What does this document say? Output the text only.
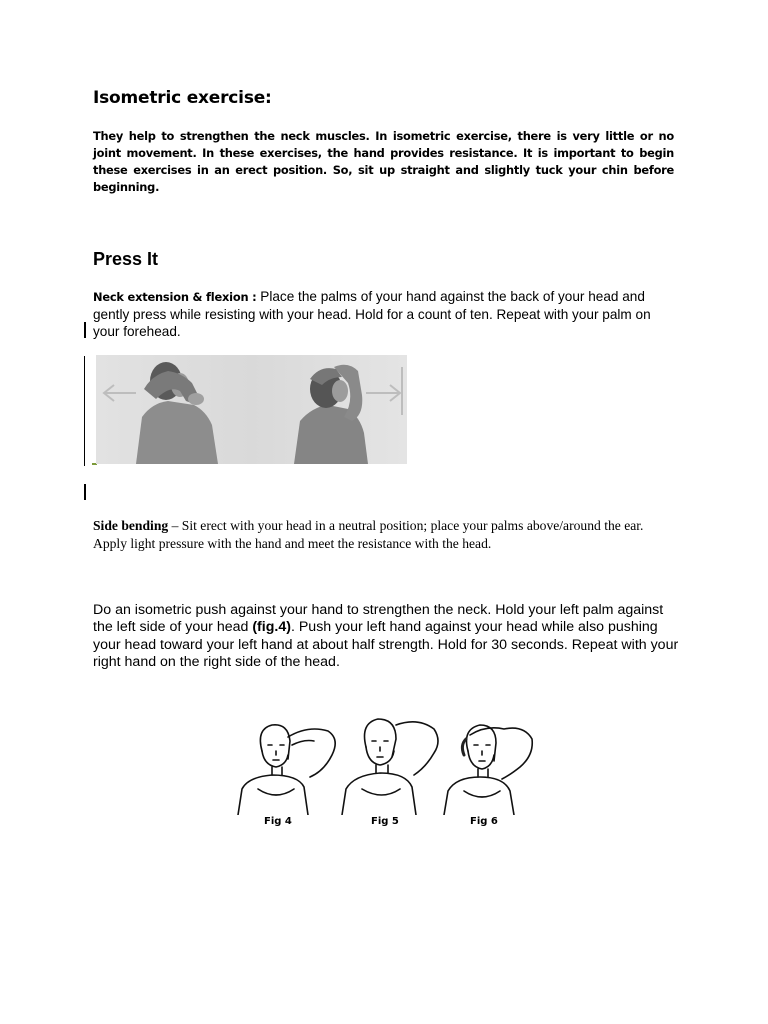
Isometric exercise:
They help to strengthen the neck muscles. In isometric exercise, there is very little or no joint movement. In these exercises, the hand provides resistance. It is important to begin these exercises in an erect position. So, sit up straight and slightly tuck your chin before beginning.
Press It
Neck extension & flexion : Place the palms of your hand against the back of your head and gently press while resisting with your head. Hold for a count of ten. Repeat with your palm on your forehead.
Side bending – Sit erect with your head in a neutral position; place your palms above/around the ear. Apply light pressure with the hand and meet the resistance with the head.
Do an isometric push against your hand to strengthen the neck. Hold your left palm against the left side of your head (fig.4). Push your left hand against your head while also pushing your head toward your left hand at about half strength. Hold for 30 seconds. Repeat with your right hand on the right side of the head.
Fig 4	Fig 5	Fig 6
